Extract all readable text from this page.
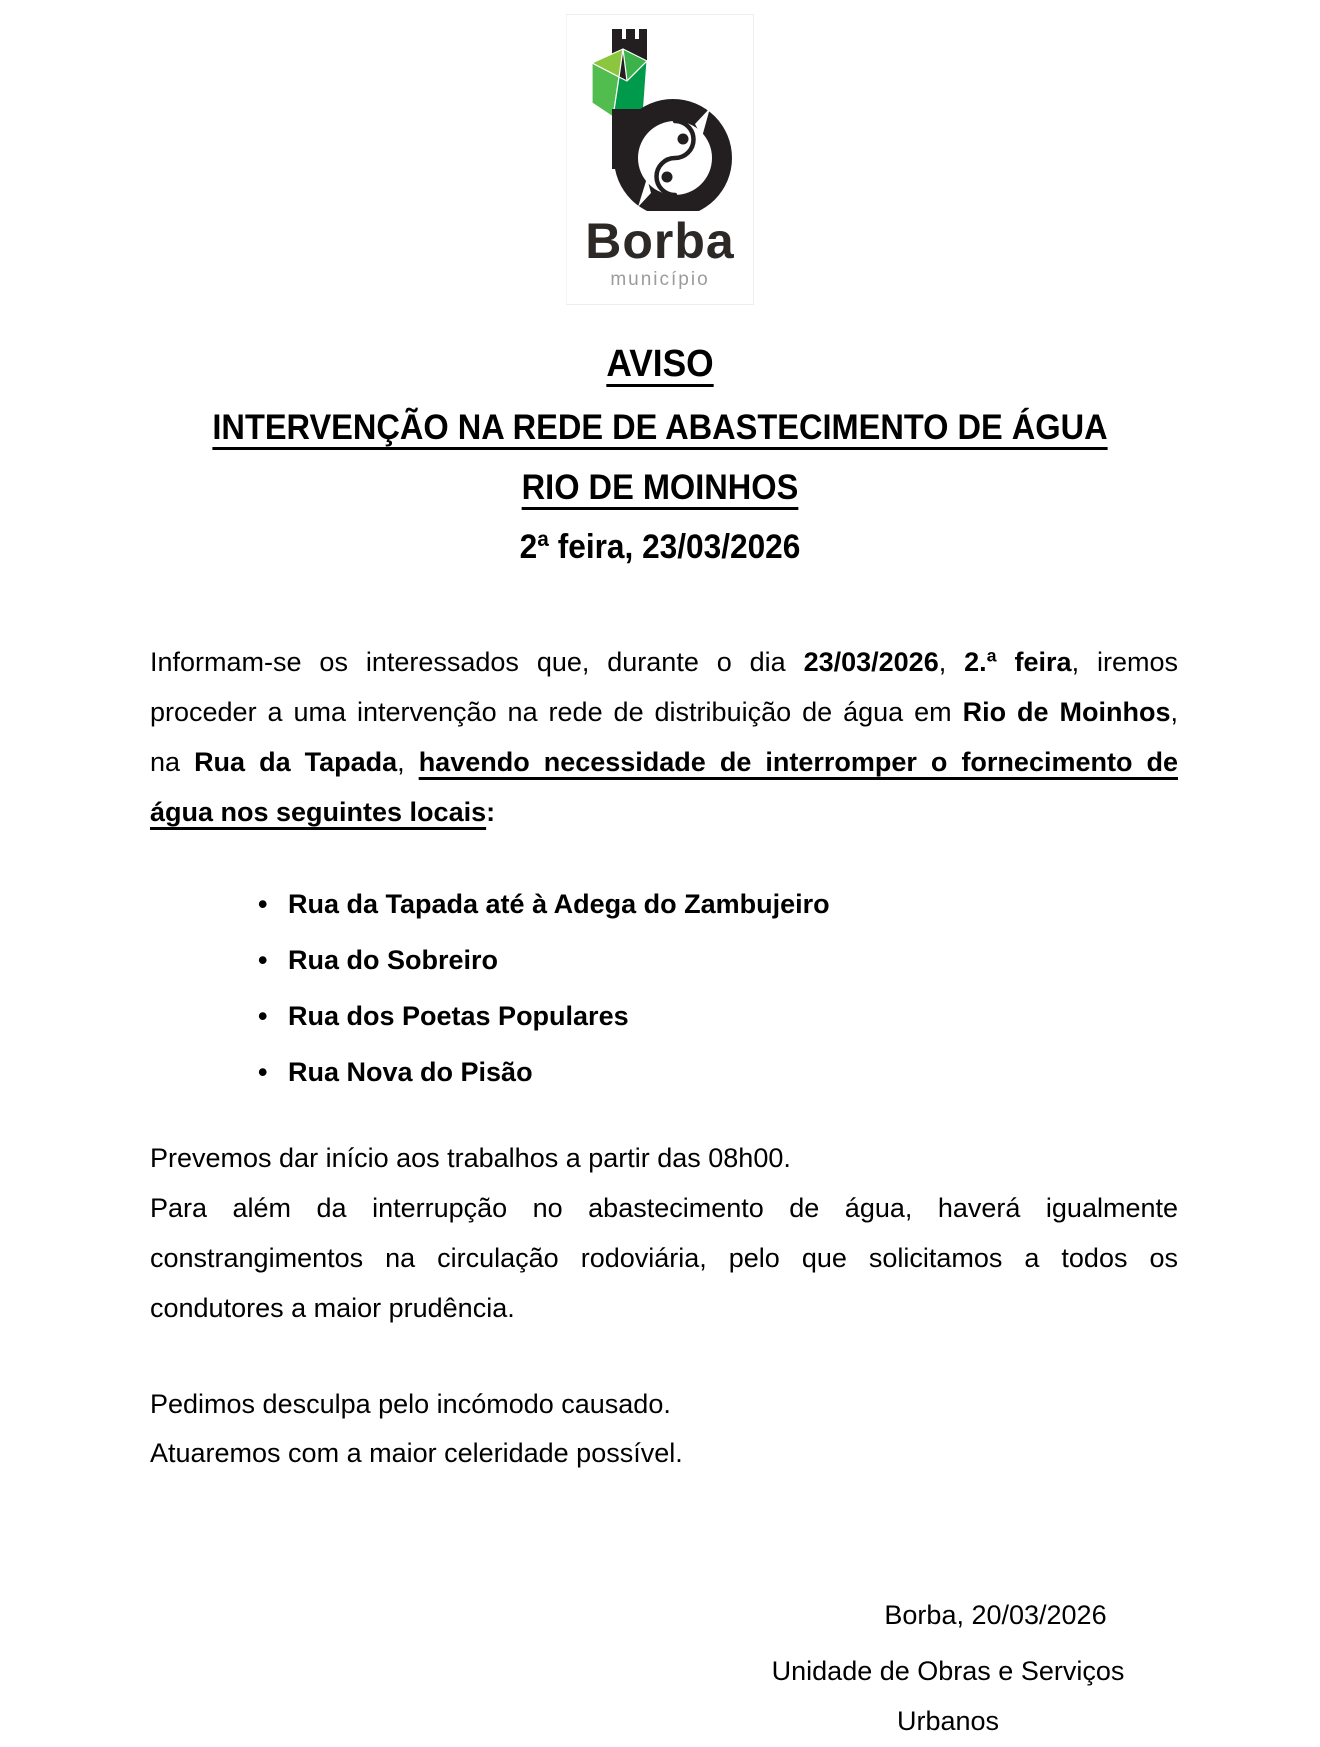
Borba
município
AVISO
INTERVENÇÃO NA REDE DE ABASTECIMENTO DE ÁGUA
RIO DE MOINHOS
2ª feira, 23/03/2026
Informam-se os interessados que, durante o dia 23/03/2026, 2.ª feira, iremos
proceder a uma intervenção na rede de distribuição de água em Rio de Moinhos,
na Rua da Tapada, havendo necessidade de interromper o fornecimento de
água nos seguintes locais:
• Rua da Tapada até à Adega do Zambujeiro
• Rua do Sobreiro
• Rua dos Poetas Populares
• Rua Nova do Pisão

Prevemos dar início aos trabalhos a partir das 08h00.

Para além da interrupção no abastecimento de água, haverá igualmente
constrangimentos na circulação rodoviária, pelo que solicitamos a todos os
condutores a maior prudência.

Pedimos desculpa pelo incómodo causado.

Atuaremos com a maior celeridade possível.

Borba, 20/03/2026
Unidade de Obras e Serviços Urbanos
